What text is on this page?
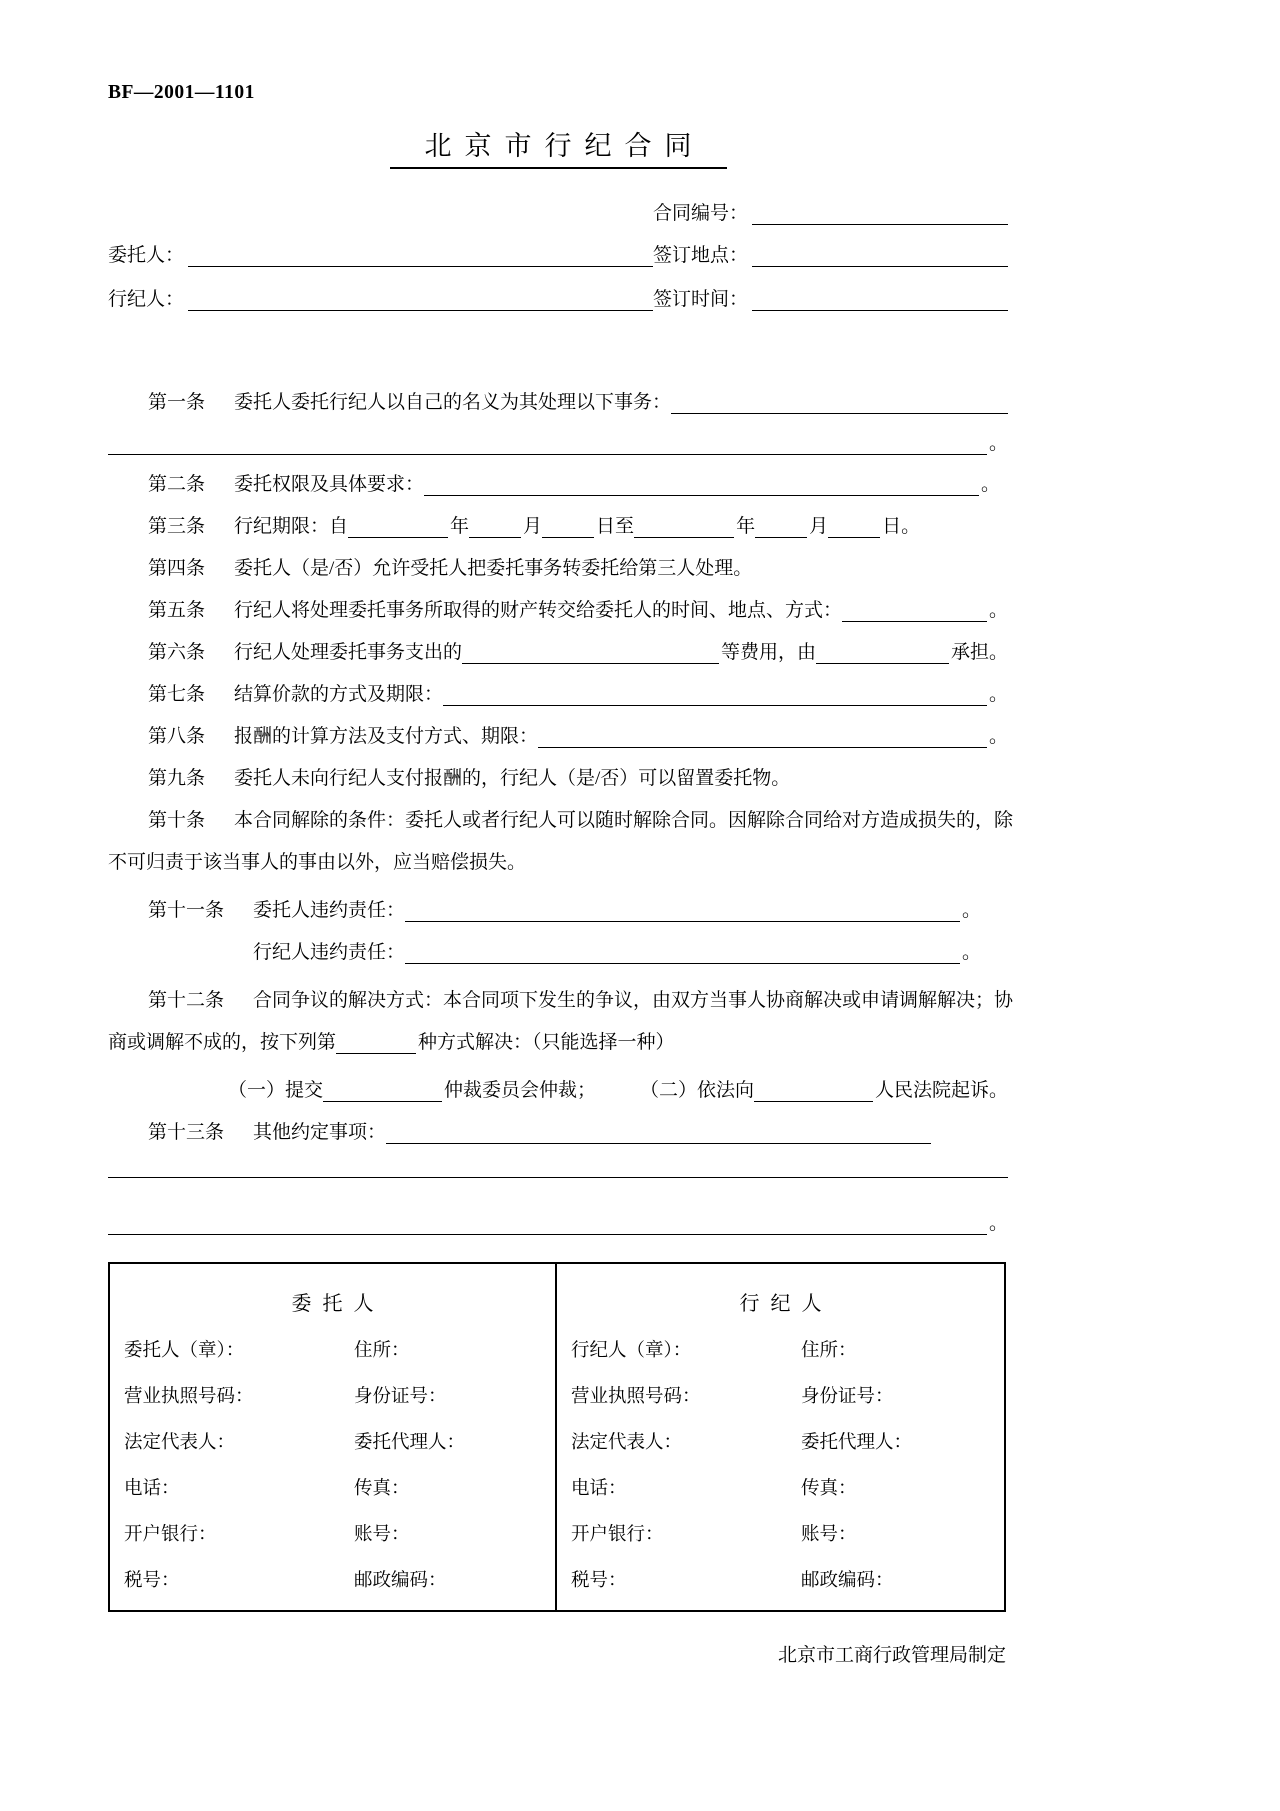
BF—2001—1101
北京市行纪合同
合同编号：
委托人：	签订地点：
行纪人：	签订时间：
第一条	委托人委托行纪人以自己的名义为其处理以下事务：
。
第二条	委托权限及具体要求：	。
第三条	行纪期限：自	年	月	日至	年	月	日。
第四条	委托人（是/否）允许受托人把委托事务转委托给第三人处理。
第五条	行纪人将处理委托事务所取得的财产转交给委托人的时间、地点、方式：	。
第六条	行纪人处理委托事务支出的	等费用，由	承担。
第七条	结算价款的方式及期限：	。
第八条	报酬的计算方法及支付方式、期限：	。
第九条	委托人未向行纪人支付报酬的，行纪人（是/否）可以留置委托物。
第十条	本合同解除的条件：委托人或者行纪人可以随时解除合同。因解除合同给对方造成损失的，除
不可归责于该当事人的事由以外，应当赔偿损失。
第十一条	委托人违约责任：	。

行纪人违约责任：	。
第十二条	合同争议的解决方式：本合同项下发生的争议，由双方当事人协商解决或申请调解解决；协
商或调解不成的，按下列第	种方式解决：（只能选择一种）
（一）提交	仲裁委员会仲裁； （二）依法向	人民法院起诉。
第十三条	其他约定事项：
。
委托人
委托人（章）：	住所：
营业执照号码：	身份证号：
法定代表人：	委托代理人：
电话：	传真：
开户银行：	账号：
税号：	邮政编码：
行纪人
行纪人（章）：	住所：
营业执照号码：	身份证号：
法定代表人：	委托代理人：
电话：	传真：
开户银行：	账号：
税号：	邮政编码：
北京市工商行政管理局制定
